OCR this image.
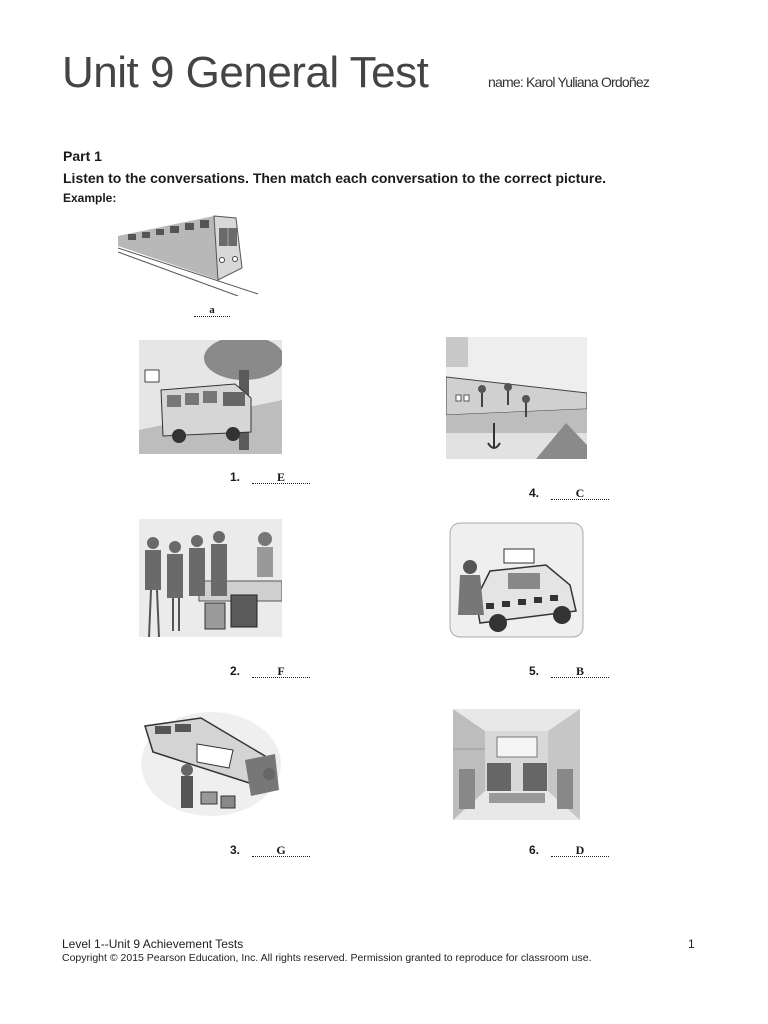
Unit 9 General Test	name: Karol Yuliana Ordoñez
Part 1
Listen to the conversations. Then match each conversation to the correct picture.
Example:
a
1.	E
4.	C
2.	F	5.	B
3.	G	6.	D
Level 1--Unit 9 Achievement Tests
Copyright © 2015 Pearson Education, Inc. All rights reserved. Permission granted to reproduce for classroom use.
1
